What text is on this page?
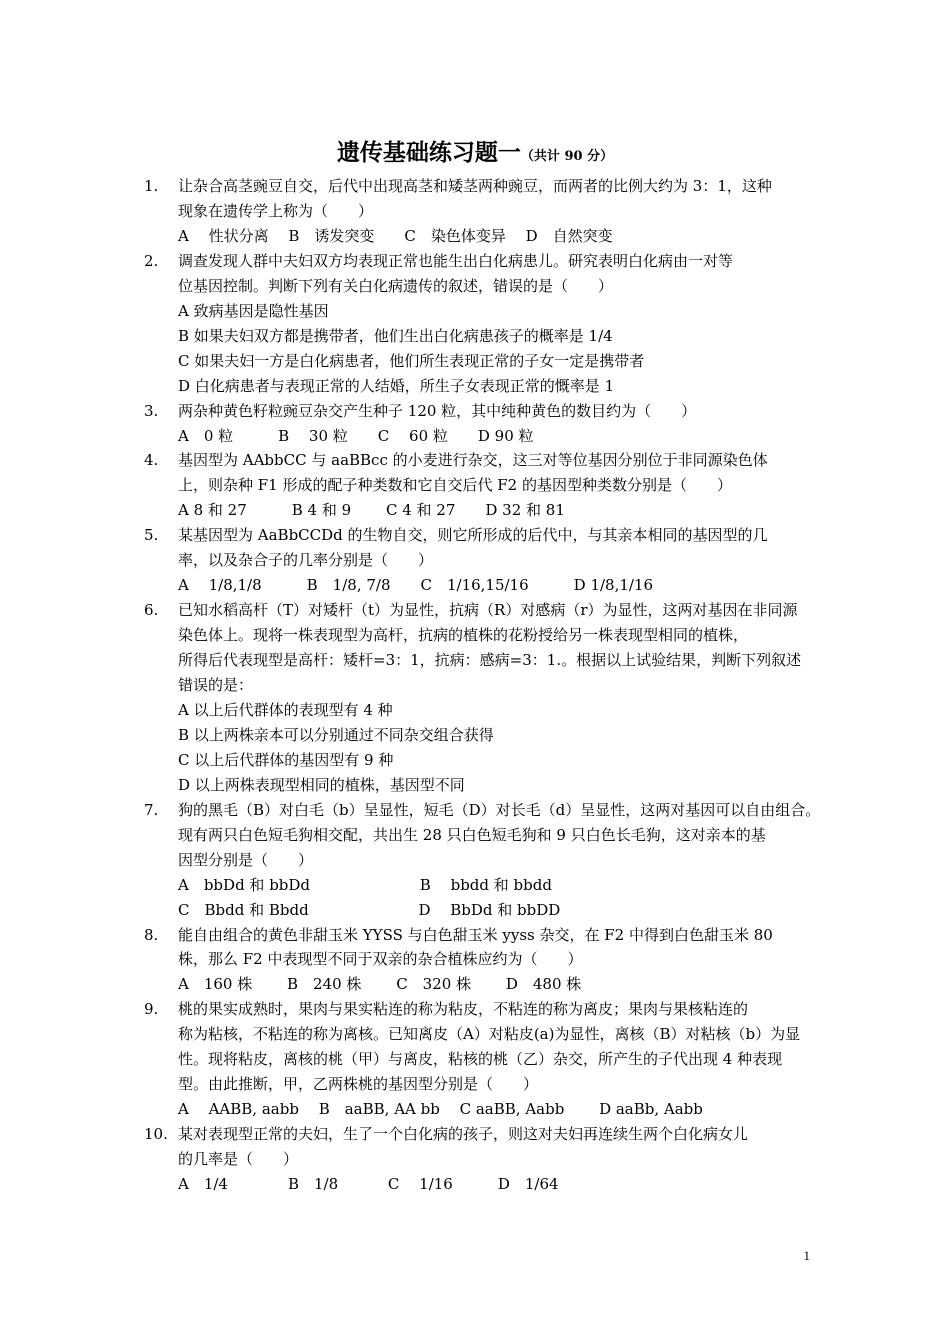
遗传基础练习题一（共计 90 分）
1. 让杂合高茎豌豆自交，后代中出现高茎和矮茎两种豌豆，而两者的比例大约为 3：1，这种
现象在遗传学上称为（　　）
A　 性状分离　 B　诱发突变　　C　染色体变异　 D　自然突变
2. 调查发现人群中夫妇双方均表现正常也能生出白化病患儿。研究表明白化病由一对等
位基因控制。判断下列有关白化病遗传的叙述，错误的是（　　）
A 致病基因是隐性基因
B 如果夫妇双方都是携带者，他们生出白化病患孩子的概率是 1/4
C 如果夫妇一方是白化病患者，他们所生表现正常的子女一定是携带者
D 白化病患者与表现正常的人结婚，所生子女表现正常的慨率是 1
3. 两杂种黄色籽粒豌豆杂交产生种子 120 粒，其中纯种黄色的数目约为（　　）
A　0 粒　　　B　 30 粒　　C　 60 粒　　D 90 粒
4. 基因型为 AAbbCC 与 aaBBcc 的小麦进行杂交，这三对等位基因分别位于非同源染色体
上，则杂种 F1 形成的配子种类数和它自交后代 F2 的基因型种类数分别是（　　）
A 8 和 27　　　B 4 和 9　　 C 4 和 27　　D 32 和 81
5. 某基因型为 AaBbCCDd 的生物自交，则它所形成的后代中，与其亲本相同的基因型的几
率，以及杂合子的几率分别是（　　）
A　 1/8,1/8　　　B　1/8, 7/8　　C　1/16,15/16　　　D 1/8,1/16
6. 已知水稻高杆（T）对矮杆（t）为显性，抗病（R）对感病（r）为显性，这两对基因在非同源
染色体上。现将一株表现型为高杆，抗病的植株的花粉授给另一株表现型相同的植株，
所得后代表现型是高杆：矮杆=3：1，抗病：感病=3：1.。根据以上试验结果，判断下列叙述
错误的是：
A 以上后代群体的表现型有 4 种
B 以上两株亲本可以分别通过不同杂交组合获得
C 以上后代群体的基因型有 9 种
D 以上两株表现型相同的植株，基因型不同
7. 狗的黑毛（B）对白毛（b）呈显性，短毛（D）对长毛（d）呈显性，这两对基因可以自由组合。
现有两只白色短毛狗相交配，共出生 28 只白色短毛狗和 9 只白色长毛狗，这对亲本的基
因型分别是（　　）
A　bbDd 和 bbDd　　　　　　　 B　 bbdd 和 bbdd
C　Bbdd 和 Bbdd　　　　　　　 D　 BbDd 和 bbDD
8. 能自由组合的黄色非甜玉米 YYSS 与白色甜玉米 yyss 杂交，在 F2 中得到白色甜玉米 80
株，那么 F2 中表现型不同于双亲的杂合植株应约为（　　）
A　160 株　　 B　240 株　　 C　320 株　　 D　480 株
9. 桃的果实成熟时，果肉与果实粘连的称为粘皮，不粘连的称为离皮；果肉与果核粘连的
称为粘核，不粘连的称为离核。已知离皮（A）对粘皮(a)为显性，离核（B）对粘核（b）为显
性。现将粘皮，离核的桃（甲）与离皮，粘核的桃（乙）杂交，所产生的子代出现 4 种表现
型。由此推断，甲，乙两株桃的基因型分别是（　　）
A　 AABB, aabb　 B　aaBB, AA bb　 C aaBB, Aabb　　 D aaBb, Aabb
10. 某对表现型正常的夫妇，生了一个白化病的孩子，则这对夫妇再连续生两个白化病女儿
的几率是（　　）
A　1/4　　　　B　1/8　　　 C　 1/16　　　D　1/64
1
